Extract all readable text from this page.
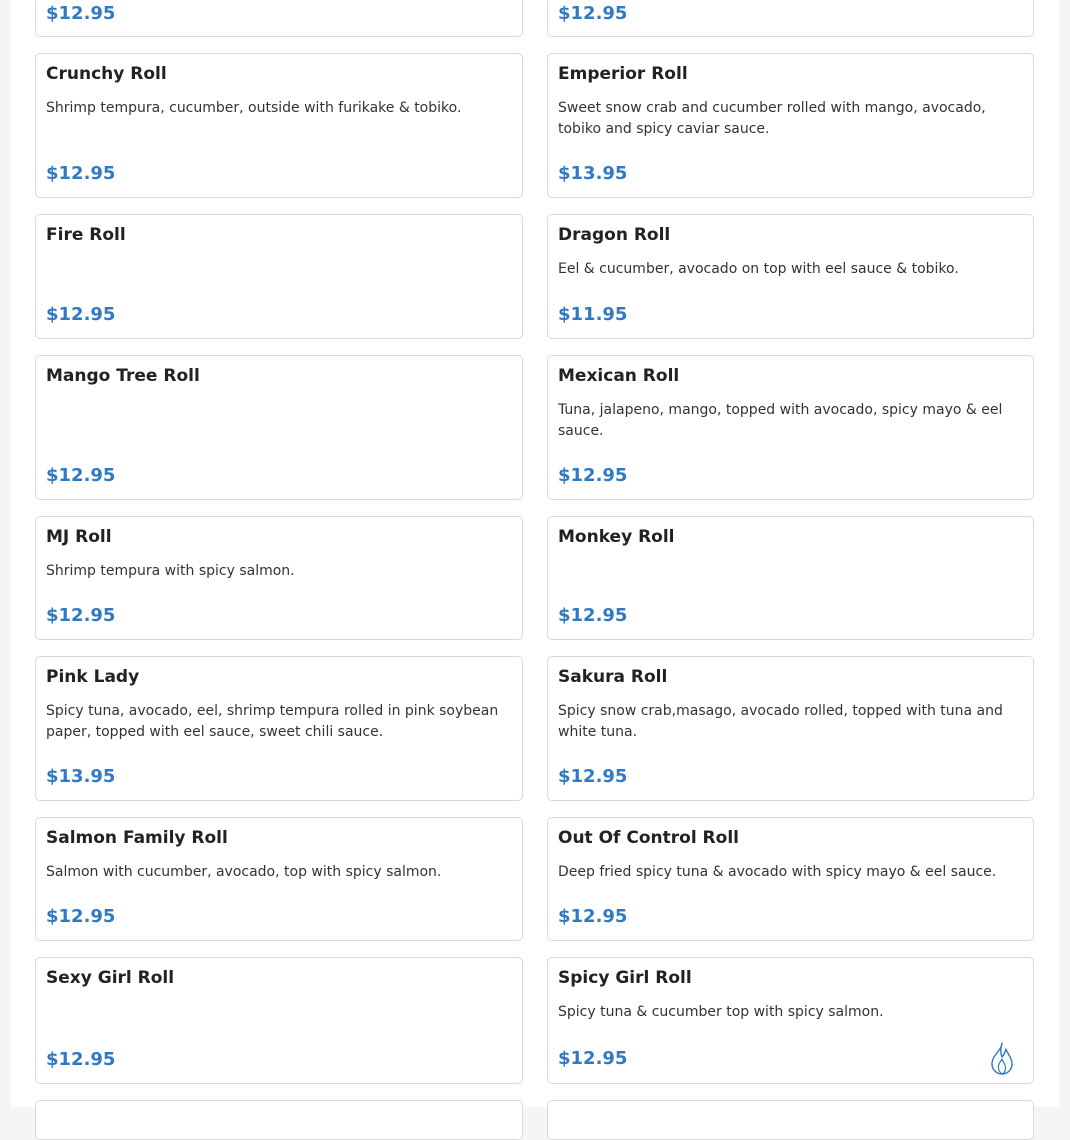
$12.95	$12.95
Crunchy Roll
Shrimp tempura, cucumber, outside with furikake & tobiko.
$12.95
Emperior Roll
Sweet snow crab and cucumber rolled with mango, avocado, tobiko and spicy caviar sauce.
$13.95
Fire Roll
$12.95
Dragon Roll
Eel & cucumber, avocado on top with eel sauce & tobiko.
$11.95
Mango Tree Roll
$12.95
Mexican Roll
Tuna, jalapeno, mango, topped with avocado, spicy mayo & eel sauce.
$12.95
MJ Roll
Shrimp tempura with spicy salmon.
$12.95
Monkey Roll
$12.95
Pink Lady
Spicy tuna, avocado, eel, shrimp tempura rolled in pink soybean paper, topped with eel sauce, sweet chili sauce.
$13.95
Sakura Roll
Spicy snow crab,masago, avocado rolled, topped with tuna and white tuna.
$12.95
Salmon Family Roll
Salmon with cucumber, avocado, top with spicy salmon.
$12.95
Out Of Control Roll
Deep fried spicy tuna & avocado with spicy mayo & eel sauce.
$12.95
Sexy Girl Roll
$12.95
Spicy Girl Roll
Spicy tuna & cucumber top with spicy salmon.
$12.95
